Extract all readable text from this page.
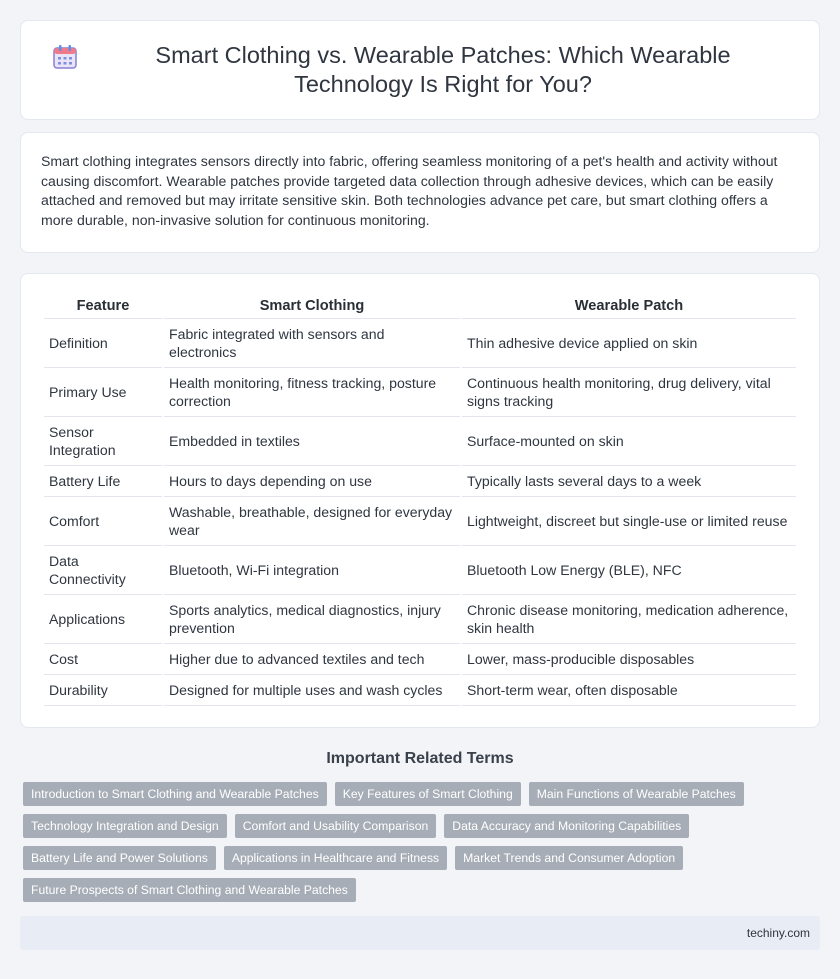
Smart Clothing vs. Wearable Patches: Which Wearable Technology Is Right for You?
Smart clothing integrates sensors directly into fabric, offering seamless monitoring of a pet's health and activity without causing discomfort. Wearable patches provide targeted data collection through adhesive devices, which can be easily attached and removed but may irritate sensitive skin. Both technologies advance pet care, but smart clothing offers a more durable, non-invasive solution for continuous monitoring.
Feature	Smart Clothing	Wearable Patch
Definition	Fabric integrated with sensors and electronics	Thin adhesive device applied on skin
Primary Use	Health monitoring, fitness tracking, posture correction	Continuous health monitoring, drug delivery, vital signs tracking
Sensor Integration	Embedded in textiles	Surface-mounted on skin
Battery Life	Hours to days depending on use	Typically lasts several days to a week
Comfort	Washable, breathable, designed for everyday wear	Lightweight, discreet but single-use or limited reuse
Data Connectivity	Bluetooth, Wi-Fi integration	Bluetooth Low Energy (BLE), NFC
Applications	Sports analytics, medical diagnostics, injury prevention	Chronic disease monitoring, medication adherence, skin health
Cost	Higher due to advanced textiles and tech	Lower, mass-producible disposables
Durability	Designed for multiple uses and wash cycles	Short-term wear, often disposable
Important Related Terms
Introduction to Smart Clothing and Wearable Patches	Key Features of Smart Clothing	Main Functions of Wearable Patches
Technology Integration and Design	Comfort and Usability Comparison	Data Accuracy and Monitoring Capabilities
Battery Life and Power Solutions	Applications in Healthcare and Fitness	Market Trends and Consumer Adoption
Future Prospects of Smart Clothing and Wearable Patches
techiny.com
